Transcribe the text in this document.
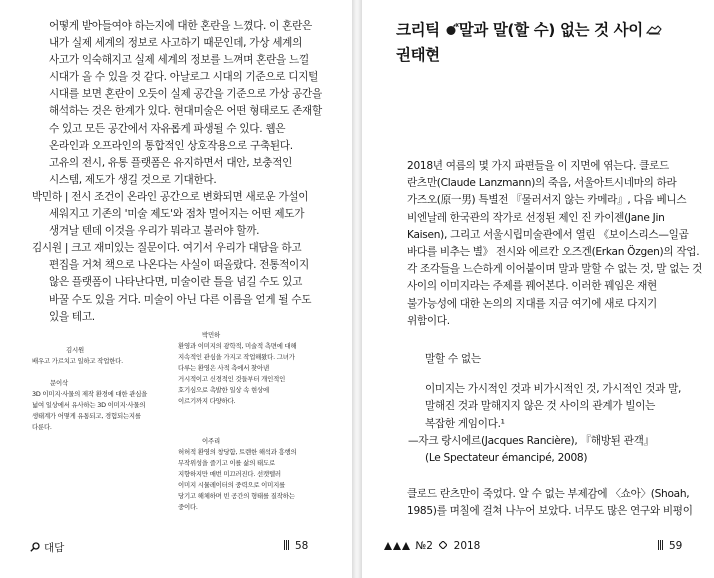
어떻게 받아들여야 하는지에 대한 혼란을 느꼈다. 이 혼란은

내가 실제 세계의 정보로 사고하기 때문인데, 가상 세계의

사고가 익숙해지고 실제 세계의 정보를 느껴며 혼란을 느낄

시대가 올 수 있을 것 같다. 아날로그 시대의 기준으로 디지털

시대를 보면 혼란이 오듯이 실제 공간을 기준으로 가상 공간을

해석하는 것은 한계가 있다. 현대미술은 어떤 형태로도 존재할

수 있고 모든 공간에서 자유롭게 파생될 수 있다. 웹은

온라인과 오프라인의 통합적인 상호작용으로 구축된다.

고유의 전시, 유통 플랫폼은 유지하면서 대안, 보충적인

시스템, 제도가 생길 것으로 기대한다.

박민하 | 전시 조건이 온라인 공간으로 변화되면 새로운 가설이

세워지고 기존의 '미술 제도'와 점차 멀어지는 어떤 제도가

생겨날 텐데 이것을 우리가 뭐라고 불러야 할까.

김시원 | 크고 재미있는 질문이다. 여기서 우리가 대담을 하고

편집을 거쳐 책으로 나온다는 사실이 떠올랐다. 전통적이지

않은 플랫폼이 나타난다면, 미술이란 틀을 넘길 수도 있고

바꿀 수도 있을 거다. 미술이 아닌 다른 이름을 얻게 될 수도

있을 테고.

김시원

배우고 가르치고 일하고 작업한다.

문이삭

3D 이미지·사물의 제작 환경에 대한 관심을

넓여 일상에서 유사하는 3D 이미지·사물의

생태계가 어떻게 유통되고, 경험되는지를

다룬다.

박민하

환영과 이미지의 광학적, 미술적 측면에 대해

지속적인 관심을 가지고 작업해왔다. 그녀가

다루는 환영은 사적 측에서 찾아낸

거시적이고 신경적인 것들부터 개인적인

호기심으로 촉발한 일상 속 현상에

이르기까지 다양하다.

이주리

허허적 환영의 창당함, 트렌한 해석과 흥행의

무작위성을 즐기고 이를 삶의 태도로

지향하지만 매번 미끄러진다. 선캣텔러

이미지 시뮬레이터의 중력으로 이미지를

당기고 해체하며 빈 공간의 형태를 질작하는

중이다.

대담	58

크리틱 말과 말(할 수) 없는 것 사이

권태현

2018년 여름의 몇 가지 파편들을 이 지면에 엮는다. 클로드

란츠만(Claude Lanzmann)의 죽음, 서울아트시네마의 하라

가즈오(原一男) 특별전 『물러서지 않는 카메라』, 다음 베니스

비엔날레 한국관의 작가로 선정된 제인 진 카이젠(Jane Jin

Kaisen), 그리고 서울시립미술관에서 열린 《보이스리스—일곱

바다를 비추는 별》 전시와 에르칸 오즈겐(Erkan Özgen)의 작업.

각 조각들을 느슨하게 이어붙이며 말과 말할 수 없는 것, 말 없는 것

사이의 이미지라는 주제를 꿰어본다. 이러한 꿰임은 재현

불가능성에 대한 논의의 지대를 지금 여기에 새로 다지기

위함이다.

말할 수 없는

이미지는 가시적인 것과 비가시적인 것, 가시적인 것과 말,

말해진 것과 말해지지 않은 것 사이의 관계가 빌이는

복잡한 게임이다.¹

—자크 랑시에르(Jacques Rancière), 『해방된 관객』

(Le Spectateur émancipé, 2008)

클로드 란츠만이 죽었다. 알 수 없는 부제감에 〈쇼아〉(Shoah,

1985)를 며칠에 걸쳐 나누어 보았다. 너무도 많은 연구와 비평이

№2 2018	59
